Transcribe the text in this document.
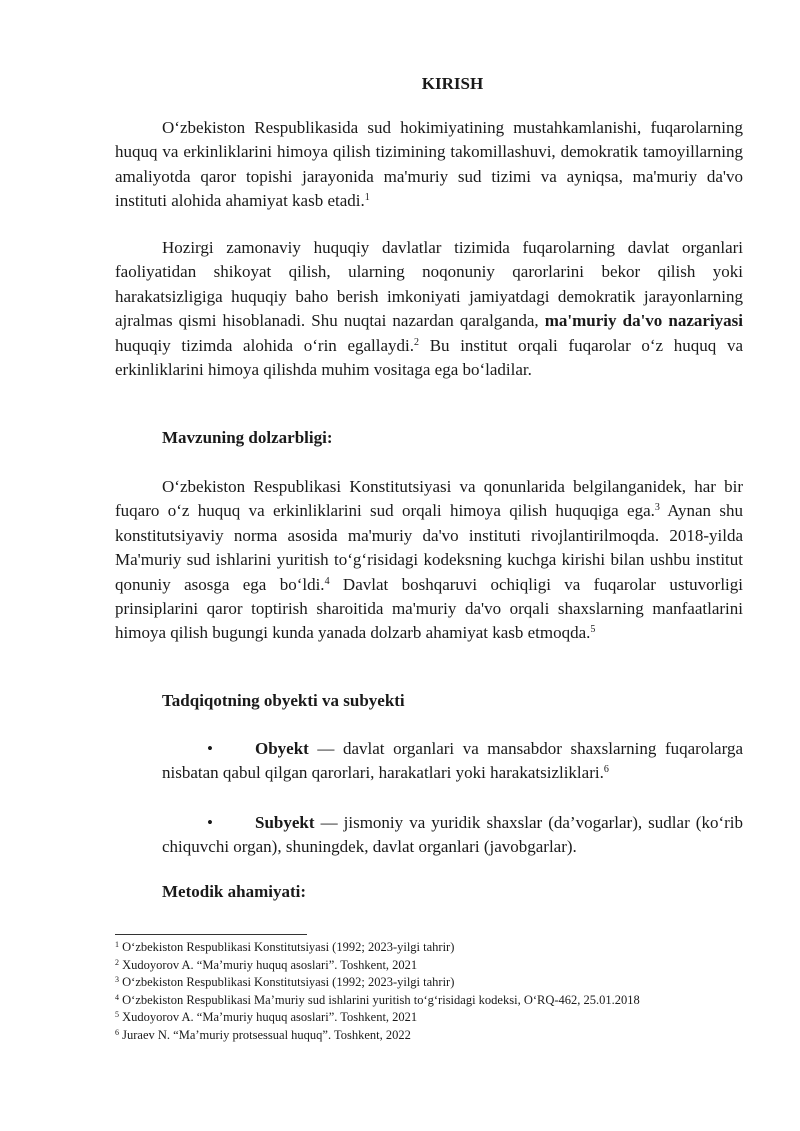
KIRISH

O‘zbekiston Respublikasida sud hokimiyatining mustahkamlanishi, fuqarolarning huquq va erkinliklarini himoya qilish tizimining takomillashuvi, demokratik tamoyillarning amaliyotda qaror topishi jarayonida ma'muriy sud tizimi va ayniqsa, ma'muriy da'vo instituti alohida ahamiyat kasb etadi.$^1$

Hozirgi zamonaviy huquqiy davlatlar tizimida fuqarolarning davlat organlari faoliyatidan shikoyat qilish, ularning noqonuniy qarorlarini bekor qilish yoki harakatsizligiga huquqiy baho berish imkoniyati jamiyatdagi demokratik jarayonlarning ajralmas qismi hisoblanadi. Shu nuqtai nazardan qaralganda, ma'muriy da'vo nazariyasi huquqiy tizimda alohida o‘rin egallaydi.$^2$ Bu institut orqali fuqarolar o‘z huquq va erkinliklarini himoya qilishda muhim vositaga ega bo‘ladilar.

Mavzuning dolzarbligi:

O‘zbekiston Respublikasi Konstitutsiyasi va qonunlarida belgilanganidek, har bir fuqaro o‘z huquq va erkinliklarini sud orqali himoya qilish huquqiga ega.$^3$ Aynan shu konstitutsiyaviy norma asosida ma'muriy da'vo instituti rivojlantirilmoqda. 2018-yilda Ma'muriy sud ishlarini yuritish to‘g‘risidagi kodeksning kuchga kirishi bilan ushbu institut qonuniy asosga ega bo‘ldi.$^4$ Davlat boshqaruvi ochiqligi va fuqarolar ustuvorligi prinsiplarini qaror toptirish sharoitida ma'muriy da'vo orqali shaxslarning manfaatlarini himoya qilish bugungi kunda yanada dolzarb ahamiyat kasb etmoqda.$^5$

Tadqiqotning obyekti va subyekti

• Obyekt — davlat organlari va mansabdor shaxslarning fuqarolarga nisbatan qabul qilgan qarorlari, harakatlari yoki harakatsizliklari.$^6$

• Subyekt — jismoniy va yuridik shaxslar (da’vogarlar), sudlar (ko‘rib chiquvchi organ), shuningdek, davlat organlari (javobgarlar).

Metodik ahamiyati:

$^1$ O‘zbekiston Respublikasi Konstitutsiyasi (1992; 2023-yilgi tahrir)

$^2$ Xudoyorov A. “Ma’muriy huquq asoslari”. Toshkent, 2021

$^3$ O‘zbekiston Respublikasi Konstitutsiyasi (1992; 2023-yilgi tahrir)

$^4$ O‘zbekiston Respublikasi Ma’muriy sud ishlarini yuritish to‘g‘risidagi kodeksi, O‘RQ-462, 25.01.2018

$^5$ Xudoyorov A. “Ma’muriy huquq asoslari”. Toshkent, 2021

$^6$ Juraev N. “Ma’muriy protsessual huquq”. Toshkent, 2022
